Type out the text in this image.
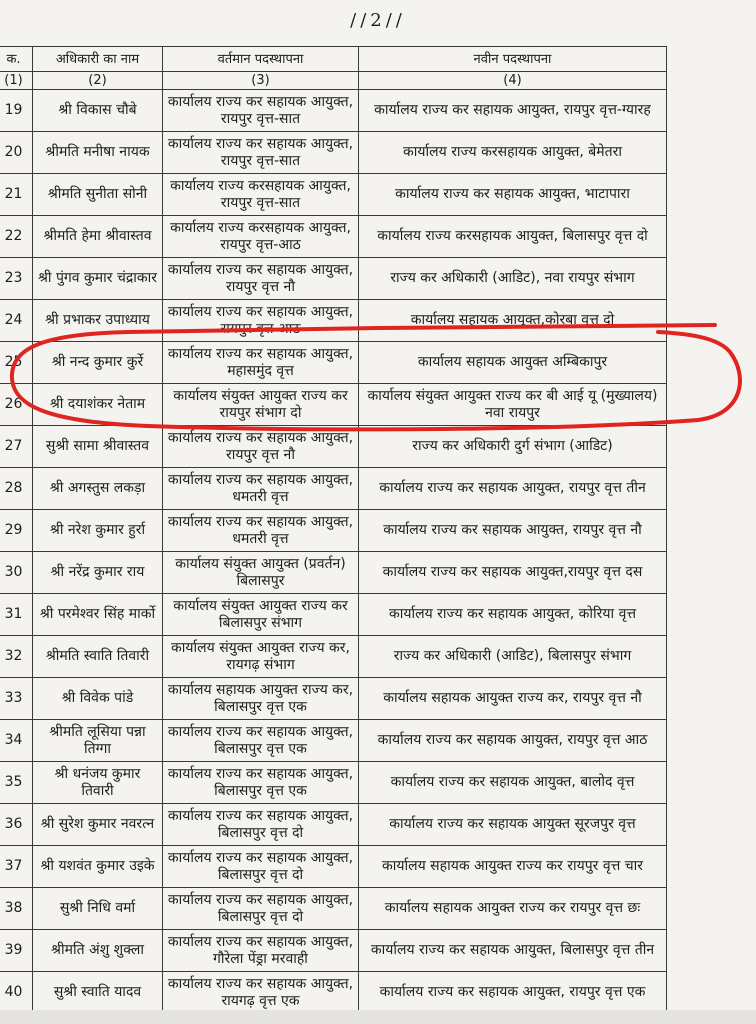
//2//
क.	अधिकारी का नाम	वर्तमान पदस्थापना	नवीन पदस्थापना
(1)	(2)	(3)	(4)
19	श्री विकास चौबे	कार्यालय राज्य कर सहायक आयुक्त, रायपुर वृत्त-सात	कार्यालय राज्य कर सहायक आयुक्त, रायपुर वृत्त-ग्यारह
20	श्रीमति मनीषा नायक	कार्यालय राज्य कर सहायक आयुक्त, रायपुर वृत्त-सात	कार्यालय राज्य करसहायक आयुक्त, बेमेतरा
21	श्रीमति सुनीता सोनी	कार्यालय राज्य करसहायक आयुक्त, रायपुर वृत्त-सात	कार्यालय राज्य कर सहायक आयुक्त, भाटापारा
22	श्रीमति हेमा श्रीवास्तव	कार्यालय राज्य करसहायक आयुक्त, रायपुर वृत्त-आठ	कार्यालय राज्य करसहायक आयुक्त, बिलासपुर वृत्त दो
23	श्री पुंगव कुमार चंद्राकार	कार्यालय राज्य कर सहायक आयुक्त, रायपुर वृत्त नौ	राज्य कर अधिकारी (आडिट), नवा रायपुर संभाग
24	श्री प्रभाकर उपाध्याय	कार्यालय राज्य कर सहायक आयुक्त, रायपुर वृत्त आठ	कार्यालय सहायक आयुक्त,कोरबा वृत्त दो
25	श्री नन्द कुमार कुर्रे	कार्यालय राज्य कर सहायक आयुक्त, महासमुंद वृत्त	कार्यालय सहायक आयुक्त अम्बिकापुर
26	श्री दयाशंकर नेताम	कार्यालय संयुक्त आयुक्त राज्य कर रायपुर संभाग दो	कार्यालय संयुक्त आयुक्त राज्य कर बी आई यू (मुख्यालय) नवा रायपुर
27	सुश्री सामा श्रीवास्तव	कार्यालय राज्य कर सहायक आयुक्त, रायपुर वृत्त नौ	राज्य कर अधिकारी दुर्ग संभाग (आडिट)
28	श्री अगस्तुस लकड़ा	कार्यालय राज्य कर सहायक आयुक्त, धमतरी वृत्त	कार्यालय राज्य कर सहायक आयुक्त, रायपुर वृत्त तीन
29	श्री नरेश कुमार हुर्रा	कार्यालय राज्य कर सहायक आयुक्त, धमतरी वृत्त	कार्यालय राज्य कर सहायक आयुक्त, रायपुर वृत्त नौ
30	श्री नरेंद्र कुमार राय	कार्यालय संयुक्त आयुक्त (प्रवर्तन) बिलासपुर	कार्यालय राज्य कर सहायक आयुक्त,रायपुर वृत्त दस
31	श्री परमेश्वर सिंह मार्को	कार्यालय संयुक्त आयुक्त राज्य कर बिलासपुर संभाग	कार्यालय राज्य कर सहायक आयुक्त, कोरिया वृत्त
32	श्रीमति स्वाति तिवारी	कार्यालय संयुक्त आयुक्त राज्य कर, रायगढ़ संभाग	राज्य कर अधिकारी (आडिट), बिलासपुर संभाग
33	श्री विवेक पांडे	कार्यालय सहायक आयुक्त राज्य कर, बिलासपुर वृत्त एक	कार्यालय सहायक आयुक्त राज्य कर, रायपुर वृत्त नौ
34	श्रीमति लूसिया पन्ना तिग्गा	कार्यालय राज्य कर सहायक आयुक्त, बिलासपुर वृत्त एक	कार्यालय राज्य कर सहायक आयुक्त, रायपुर वृत्त आठ
35	श्री धनंजय कुमार तिवारी	कार्यालय राज्य कर सहायक आयुक्त, बिलासपुर वृत्त एक	कार्यालय राज्य कर सहायक आयुक्त, बालोद वृत्त
36	श्री सुरेश कुमार नवरत्न	कार्यालय राज्य कर सहायक आयुक्त, बिलासपुर वृत्त दो	कार्यालय राज्य कर सहायक आयुक्त सूरजपुर वृत्त
37	श्री यशवंत कुमार उइके	कार्यालय राज्य कर सहायक आयुक्त, बिलासपुर वृत्त दो	कार्यालय सहायक आयुक्त राज्य कर रायपुर वृत्त चार
38	सुश्री निधि वर्मा	कार्यालय राज्य कर सहायक आयुक्त, बिलासपुर वृत्त दो	कार्यालय सहायक आयुक्त राज्य कर रायपुर वृत्त छः
39	श्रीमति अंशु शुक्ला	कार्यालय राज्य कर सहायक आयुक्त, गौरेला पेंड्रा मरवाही	कार्यालय राज्य कर सहायक आयुक्त, बिलासपुर वृत्त तीन
40	सुश्री स्वाति यादव	कार्यालय राज्य कर सहायक आयुक्त, रायगढ़ वृत्त एक	कार्यालय राज्य कर सहायक आयुक्त, रायपुर वृत्त एक
